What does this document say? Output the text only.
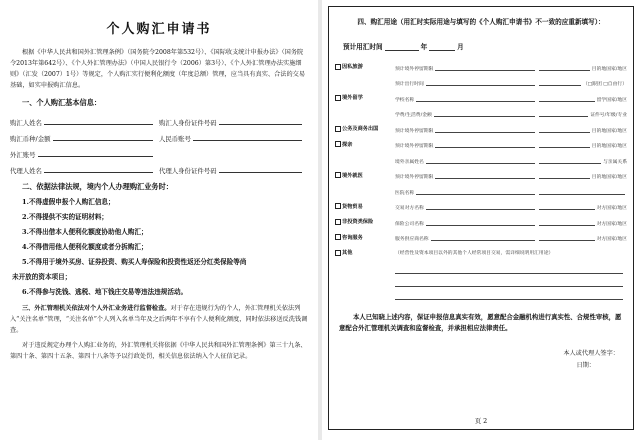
个人购汇申请书

根据《中华人民共和国外汇管理条例》（国务院令2008年第532号）、《国际收支统计申报办法》（国务院令2013年第642号）、《个人外汇管理办法》（中国人民银行令（2006）第3号）、《个人外汇管理办法实施细则》（汇发（2007）1号）等规定，个人购汇实行便利化额度（年度总额）管理，应当具有真实、合法的交易基础，如实申报购汇信息。

一、个人购汇基本信息：
购汇人姓名	购汇人身份证件号码
购汇币种/金额	人民币账号
外汇账号
代理人姓名	代理人身份证件号码
二、依据法律法规，境内个人办理购汇业务时：
1.不得虚假申报个人购汇信息；
2.不得提供不实的证明材料；
3.不得出借本人便利化额度协助他人购汇；
4.不得借用他人便利化额度或者分拆购汇；
5.不得用于境外买房、证券投资、购买人寿保险和投资性返还分红类保险等尚
未开放的资本项目；
6.不得参与洗钱、逃税、地下钱庄交易等违法违规活动。

三、外汇管理机关依法对个人外汇业务进行监督检查。对于存在违规行为的个人，外汇管理机关依法列入“关注名单”管理，“关注名单”个人列入名单当年及之后两年不享有个人便利化额度，同时依法移送反洗钱调查。

对于违反规定办理个人购汇业务的，外汇管理机关将依据《中华人民共和国外汇管理条例》第三十九条、第四十条、第四十五条、第四十八条等予以行政处罚，相关信息依法纳入个人征信记录。

四、购汇用途（用汇时实际用途与填写的《个人购汇申请书》不一致的应重新填写）：
预计用汇时间	年	月
因私旅游	预计境外停留期限	目的地国家/地区
预计出行时间	（□跟团 □自由行）
境外留学	学校名称	留学国家/地区
学费/生活费/金额	证件号/年级/专业
公务及商务出国	预计境外停留期限	目的地国家/地区
探亲	预计境外停留期限	目的地国家/地区
境外亲属姓名	与亲属关系
境外就医	预计境外停留期限	目的地国家/地区
医院名称
货物贸易	交易对方名称	对方国家/地区
非投资类保险	保险公司名称	对方国家/地区
咨询服务	服务供应商名称	对方国家/地区
其他	（经营性及资本项目以外的其他个人经常项目交易，需详细说明用汇用途）

本人已知晓上述内容，保证申报信息真实有效，愿意配合金融机构进行真实性、合规性审核，愿意配合外汇管理机关调查和监督检查，并承担相应法律责任。

本人或代理人签字：
日期：
页 2
